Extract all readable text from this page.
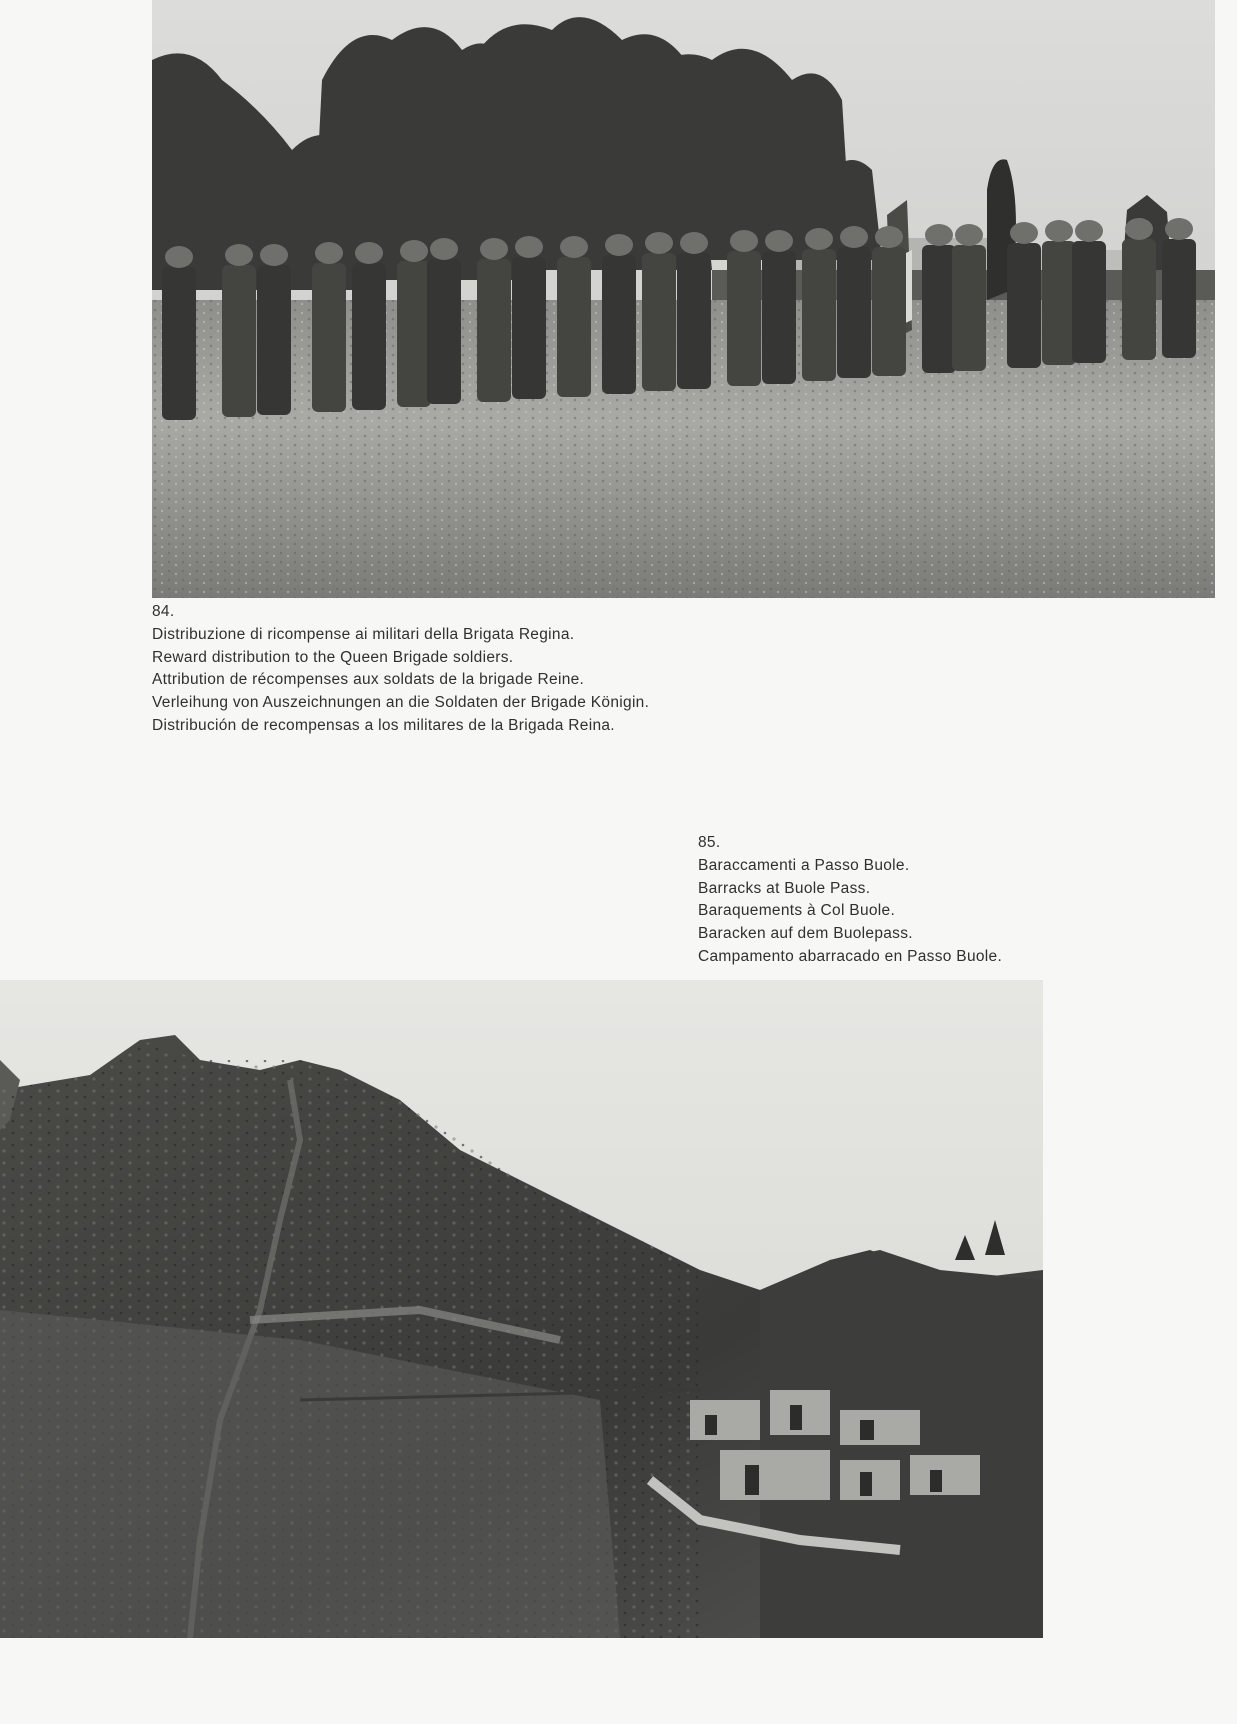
84.
Distribuzione di ricompense ai militari della Brigata Regina.
Reward distribution to the Queen Brigade soldiers.
Attribution de récompenses aux soldats de la brigade Reine.
Verleihung von Auszeichnungen an die Soldaten der Brigade Königin.
Distribución de recompensas a los militares de la Brigada Reina.
85.
Baraccamenti a Passo Buole.
Barracks at Buole Pass.
Baraquements à Col Buole.
Baracken auf dem Buolepass.
Campamento abarracado en Passo Buole.
